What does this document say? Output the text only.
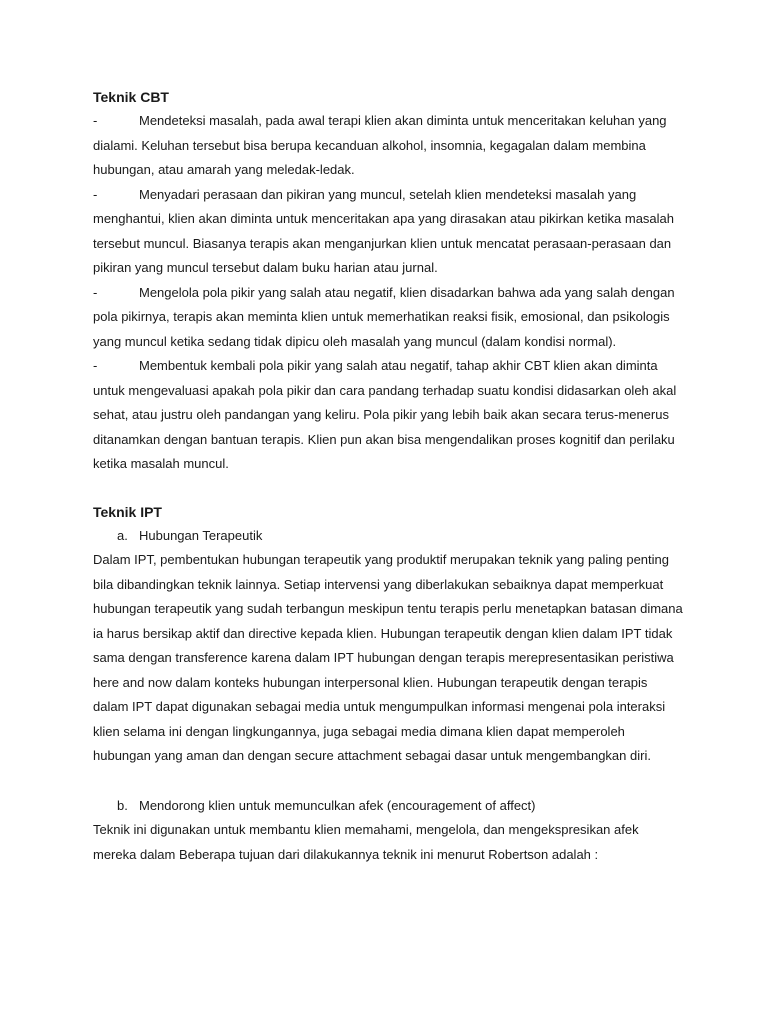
Teknik CBT

-	Mendeteksi masalah, pada awal terapi klien akan diminta untuk menceritakan keluhan yang dialami. Keluhan tersebut bisa berupa kecanduan alkohol, insomnia, kegagalan dalam membina hubungan, atau amarah yang meledak-ledak.

-	Menyadari perasaan dan pikiran yang muncul, setelah klien mendeteksi masalah yang menghantui, klien akan diminta untuk menceritakan apa yang dirasakan atau pikirkan ketika masalah tersebut muncul. Biasanya terapis akan menganjurkan klien untuk mencatat perasaan-perasaan dan pikiran yang muncul tersebut dalam buku harian atau jurnal.

-	Mengelola pola pikir yang salah atau negatif, klien disadarkan bahwa ada yang salah dengan pola pikirnya, terapis akan meminta klien untuk memerhatikan reaksi fisik, emosional, dan psikologis yang muncul ketika sedang tidak dipicu oleh masalah yang muncul (dalam kondisi normal).

-	Membentuk kembali pola pikir yang salah atau negatif, tahap akhir CBT klien akan diminta untuk mengevaluasi apakah pola pikir dan cara pandang terhadap suatu kondisi didasarkan oleh akal sehat, atau justru oleh pandangan yang keliru. Pola pikir yang lebih baik akan secara terus-menerus ditanamkan dengan bantuan terapis. Klien pun akan bisa mengendalikan proses kognitif dan perilaku ketika masalah muncul.

Teknik IPT

a. Hubungan Terapeutik

Dalam IPT, pembentukan hubungan terapeutik yang produktif merupakan teknik yang paling penting bila dibandingkan teknik lainnya. Setiap intervensi yang diberlakukan sebaiknya dapat memperkuat hubungan terapeutik yang sudah terbangun meskipun tentu terapis perlu menetapkan batasan dimana ia harus bersikap aktif dan directive kepada klien. Hubungan terapeutik dengan klien dalam IPT tidak sama dengan transference karena dalam IPT hubungan dengan terapis merepresentasikan peristiwa here and now dalam konteks hubungan interpersonal klien. Hubungan terapeutik dengan terapis dalam IPT dapat digunakan sebagai media untuk mengumpulkan informasi mengenai pola interaksi klien selama ini dengan lingkungannya, juga sebagai media dimana klien dapat memperoleh hubungan yang aman dan dengan secure attachment sebagai dasar untuk mengembangkan diri.

b. Mendorong klien untuk memunculkan afek (encouragement of affect)

Teknik ini digunakan untuk membantu klien memahami, mengelola, dan mengekspresikan afek mereka dalam Beberapa tujuan dari dilakukannya teknik ini menurut Robertson adalah :
